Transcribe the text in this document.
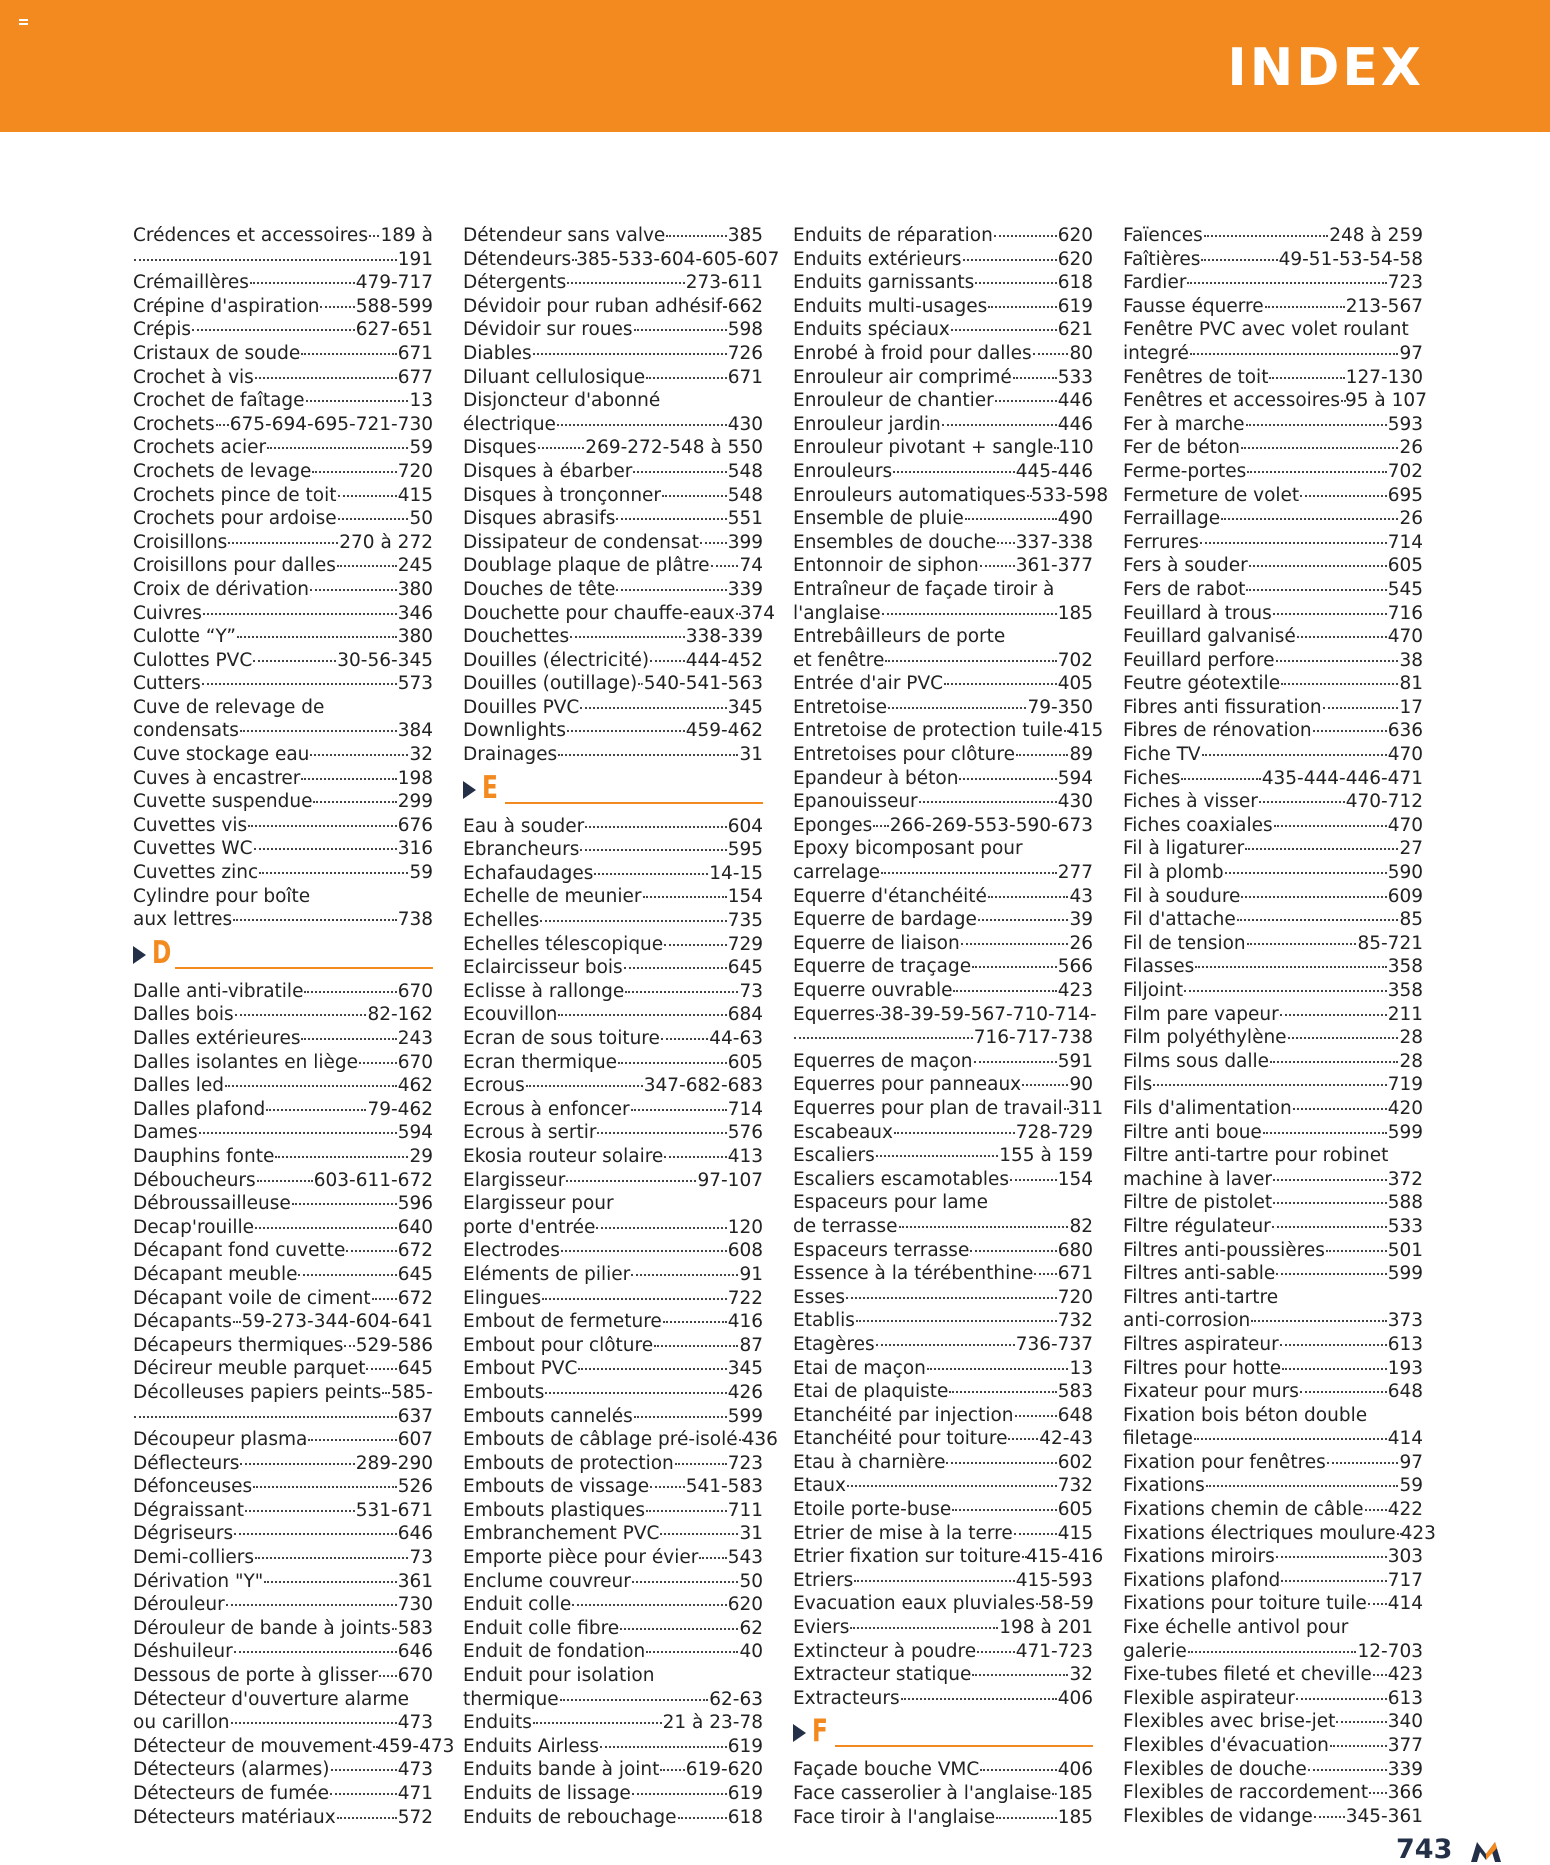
INDEX
Crédences et accessoires 189 à
191
Crémaillères	479-717
Crépine d'aspiration 588-599
Crépis	627-651
Cristaux de soude	671
Crochet à vis	677
Crochet de faîtage	13
Crochets 675-694-695-721-730
Crochets acier	59
Crochets de levage	720
Crochets pince de toit	415
Crochets pour ardoise	50
Croisillons	270 à 272
Croisillons pour dalles	245
Croix de dérivation	380
Cuivres	346
Culotte “Y”	380
Culottes PVC	30-56-345
Cutters	573
Cuve de relevage de
condensats	384
Cuve stockage eau	32
Cuves à encastrer	198
Cuvette suspendue	299
Cuvettes vis	676
Cuvettes WC	316
Cuvettes zinc	59
Cylindre pour boîte
aux lettres	738
D
Dalle anti-vibratile	670
Dalles bois	82-162
Dalles extérieures	243
Dalles isolantes en liège 670
Dalles led	462
Dalles plafond	79-462
Dames	594
Dauphins fonte	29
Déboucheurs	603-611-672
Débroussailleuse	596
Decap'rouille	640
Décapant fond cuvette	672
Décapant meuble	645
Décapant voile de ciment 672
Décapants 59-273-344-604-641
Décapeurs thermiques 529-586
Décireur meuble parquet 645
Décolleuses papiers peints 585-
637
Découpeur plasma	607
Déflecteurs	289-290
Défonceuses	526
Dégraissant	531-671
Dégriseurs	646
Demi-colliers	73
Dérivation "Y"	361
Dérouleur	730
Dérouleur de bande à joints 583
Déshuileur	646
Dessous de porte à glisser 670
Détecteur d'ouverture alarme
ou carillon	473
Détecteur de mouvement 459-473
Détecteurs (alarmes)	473
Détecteurs de fumée	471
Détecteurs matériaux	572
Détendeur sans valve	385
Détendeurs 385-533-604-605-607
Détergents	273-611
Dévidoir pour ruban adhésif 662
Dévidoir sur roues	598
Diables	726
Diluant cellulosique	671
Disjoncteur d'abonné
électrique	430
Disques	269-272-548 à 550
Disques à ébarber	548
Disques à tronçonner	548
Disques abrasifs	551
Dissipateur de condensat 399
Doublage plaque de plâtre 74
Douches de tête	339
Douchette pour chauffe-eaux 374
Douchettes	338-339
Douilles (électricité) 444-452
Douilles (outillage) 540-541-563
Douilles PVC	345
Downlights	459-462
Drainages	31
E
Eau à souder	604
Ebrancheurs	595
Echafaudages	14-15
Echelle de meunier	154
Echelles	735
Echelles télescopique	729
Eclaircisseur bois	645
Eclisse à rallonge	73
Ecouvillon	684
Ecran de sous toiture	44-63
Ecran thermique	605
Ecrous	347-682-683
Ecrous à enfoncer	714
Ecrous à sertir	576
Ekosia routeur solaire	413
Elargisseur	97-107
Elargisseur pour
porte d'entrée	120
Electrodes	608
Eléments de pilier	91
Elingues	722
Embout de fermeture	416
Embout pour clôture	87
Embout PVC	345
Embouts	426
Embouts cannelés	599
Embouts de câblage pré-isolé 436
Embouts de protection	723
Embouts de vissage 541-583
Embouts plastiques	711
Embranchement PVC	31
Emporte pièce pour évier 543
Enclume couvreur	50
Enduit colle	620
Enduit colle fibre	62
Enduit de fondation	40
Enduit pour isolation
thermique	62-63
Enduits	21 à 23-78
Enduits Airless	619
Enduits bande à joint 619-620
Enduits de lissage	619
Enduits de rebouchage	618
Enduits de réparation	620
Enduits extérieurs	620
Enduits garnissants	618
Enduits multi-usages	619
Enduits spéciaux	621
Enrobé à froid pour dalles 80
Enrouleur air comprimé 533
Enrouleur de chantier	446
Enrouleur jardin	446
Enrouleur pivotant + sangle 110
Enrouleurs	445-446
Enrouleurs automatiques 533-598
Ensemble de pluie	490
Ensembles de douche 337-338
Entonnoir de siphon 361-377
Entraîneur de façade tiroir à
l'anglaise	185
Entrebâilleurs de porte
et fenêtre	702
Entrée d'air PVC	405
Entretoise	79-350
Entretoise de protection tuile 415
Entretoises pour clôture	89
Epandeur à béton	594
Epanouisseur	430
Eponges 266-269-553-590-673
Epoxy bicomposant pour
carrelage	277
Equerre d'étanchéité	43
Equerre de bardage	39
Equerre de liaison	26
Equerre de traçage	566
Equerre ouvrable	423
Equerres 38-39-59-567-710-714-
716-717-738
Equerres de maçon	591
Equerres pour panneaux	90
Equerres pour plan de travail 311
Escabeaux	728-729
Escaliers	155 à 159
Escaliers escamotables	154
Espaceurs pour lame
de terrasse	82
Espaceurs terrasse	680
Essence à la térébenthine 671
Esses	720
Etablis	732
Etagères	736-737
Etai de maçon	13
Etai de plaquiste	583
Etanchéité par injection 648
Etanchéité pour toiture 42-43
Etau à charnière	602
Etaux	732
Etoile porte-buse	605
Etrier de mise à la terre 415
Etrier fixation sur toiture 415-416
Etriers	415-593
Evacuation eaux pluviales 58-59
Eviers	198 à 201
Extincteur à poudre 471-723
Extracteur statique	32
Extracteurs	406
F
Façade bouche VMC	406
Face casserolier à l'anglaise 185
Face tiroir à l'anglaise	185
Faïences	248 à 259
Faîtières	49-51-53-54-58
Fardier	723
Fausse équerre	213-567
Fenêtre PVC avec volet roulant
integré	97
Fenêtres de toit	127-130
Fenêtres et accessoires 95 à 107
Fer à marche	593
Fer de béton	26
Ferme-portes	702
Fermeture de volet	695
Ferraillage	26
Ferrures	714
Fers à souder	605
Fers de rabot	545
Feuillard à trous	716
Feuillard galvanisé	470
Feuillard perfore	38
Feutre géotextile	81
Fibres anti fissuration	17
Fibres de rénovation	636
Fiche TV	470
Fiches	435-444-446-471
Fiches à visser	470-712
Fiches coaxiales	470
Fil à ligaturer	27
Fil à plomb	590
Fil à soudure	609
Fil d'attache	85
Fil de tension	85-721
Filasses	358
Filjoint	358
Film pare vapeur	211
Film polyéthylène	28
Films sous dalle	28
Fils	719
Fils d'alimentation	420
Filtre anti boue	599
Filtre anti-tartre pour robinet
machine à laver	372
Filtre de pistolet	588
Filtre régulateur	533
Filtres anti-poussières	501
Filtres anti-sable	599
Filtres anti-tartre
anti-corrosion	373
Filtres aspirateur	613
Filtres pour hotte	193
Fixateur pour murs	648
Fixation bois béton double
filetage	414
Fixation pour fenêtres	97
Fixations	59
Fixations chemin de câble 422
Fixations électriques moulure 423
Fixations miroirs	303
Fixations plafond	717
Fixations pour toiture tuile 414
Fixe échelle antivol pour
galerie	12-703
Fixe-tubes fileté et cheville 423
Flexible aspirateur	613
Flexibles avec brise-jet	340
Flexibles d'évacuation	377
Flexibles de douche	339
Flexibles de raccordement 366
Flexibles de vidange 345-361
743
